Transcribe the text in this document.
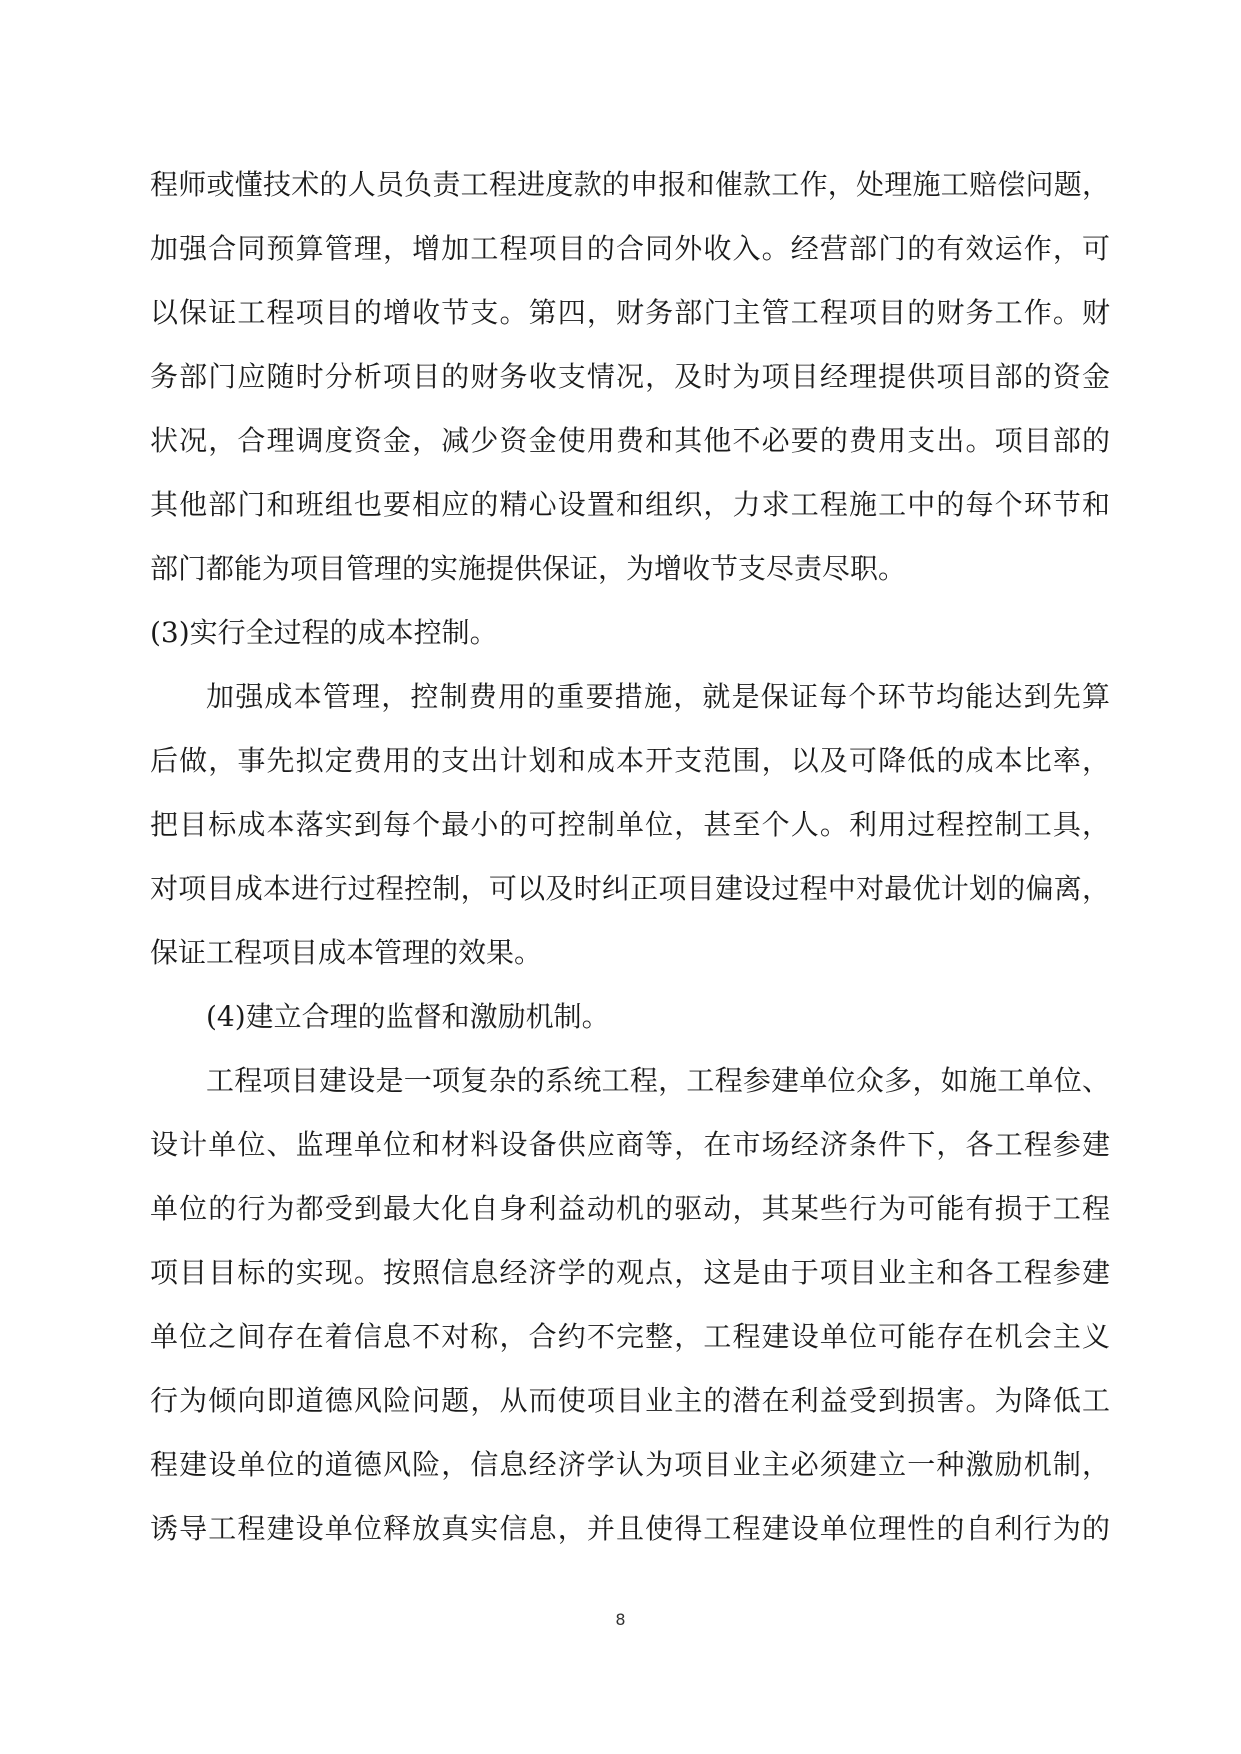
程师或懂技术的人员负责工程进度款的申报和催款工作，处理施工赔偿问题，
加强合同预算管理，增加工程项目的合同外收入。经营部门的有效运作，可
以保证工程项目的增收节支。第四，财务部门主管工程项目的财务工作。财
务部门应随时分析项目的财务收支情况，及时为项目经理提供项目部的资金
状况，合理调度资金，减少资金使用费和其他不必要的费用支出。项目部的
其他部门和班组也要相应的精心设置和组织，力求工程施工中的每个环节和
部门都能为项目管理的实施提供保证，为增收节支尽责尽职。
(3)实行全过程的成本控制。
加强成本管理，控制费用的重要措施，就是保证每个环节均能达到先算
后做，事先拟定费用的支出计划和成本开支范围，以及可降低的成本比率，
把目标成本落实到每个最小的可控制单位，甚至个人。利用过程控制工具，
对项目成本进行过程控制，可以及时纠正项目建设过程中对最优计划的偏离，
保证工程项目成本管理的效果。
(4)建立合理的监督和激励机制。
工程项目建设是一项复杂的系统工程，工程参建单位众多，如施工单位、
设计单位、监理单位和材料设备供应商等，在市场经济条件下，各工程参建
单位的行为都受到最大化自身利益动机的驱动，其某些行为可能有损于工程
项目目标的实现。按照信息经济学的观点，这是由于项目业主和各工程参建
单位之间存在着信息不对称，合约不完整，工程建设单位可能存在机会主义
行为倾向即道德风险问题，从而使项目业主的潜在利益受到损害。为降低工
程建设单位的道德风险，信息经济学认为项目业主必须建立一种激励机制，
诱导工程建设单位释放真实信息，并且使得工程建设单位理性的自利行为的
8
